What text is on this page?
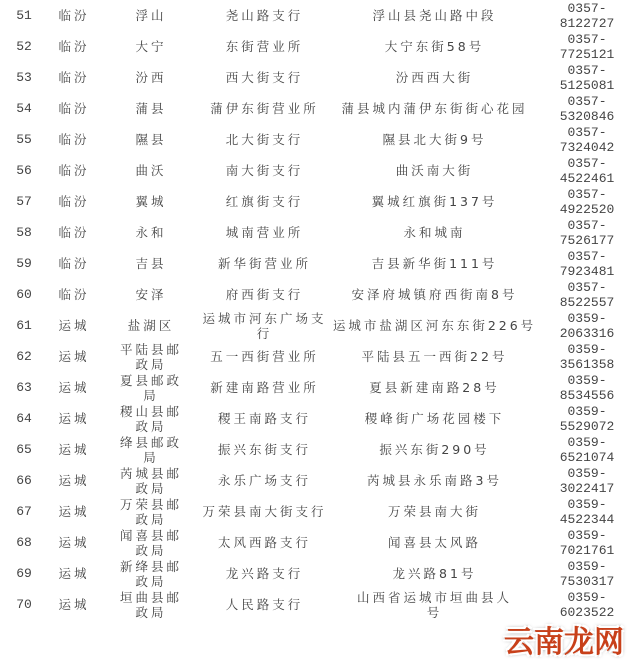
51	临汾	浮山	尧山路支行	浮山县尧山路中段	0357-
8122727
52	临汾	大宁	东街营业所	大宁东街58号	0357-
7725121
53	临汾	汾西	西大街支行	汾西西大街	0357-
5125081
54	临汾	蒲县	蒲伊东街营业所	蒲县城内蒲伊东街街心花园	0357-
5320846
55	临汾	隰县	北大街支行	隰县北大街9号	0357-
7324042
56	临汾	曲沃	南大街支行	曲沃南大街	0357-
4522461
57	临汾	翼城	红旗街支行	翼城红旗街137号	0357-
4922520
58	临汾	永和	城南营业所	永和城南	0357-
7526177
59	临汾	吉县	新华街营业所	吉县新华街111号	0357-
7923481
60	临汾	安泽	府西街支行	安泽府城镇府西街南8号	0357-
8522557
61	运城	盐湖区	运城市河东广场支行	运城市盐湖区河东东街226号	0359-
2063316
62	运城	平陆县邮政局	五一西街营业所	平陆县五一西街22号	0359-
3561358
63	运城	夏县邮政局	新建南路营业所	夏县新建南路28号	0359-
8534556
64	运城	稷山县邮政局	稷王南路支行	稷峰街广场花园楼下	0359-
5529072
65	运城	绛县邮政局	振兴东街支行	振兴东街290号	0359-
6521074
66	运城	芮城县邮政局	永乐广场支行	芮城县永乐南路3号	0359-
3022417
67	运城	万荣县邮政局	万荣县南大街支行	万荣县南大街	0359-
4522344
68	运城	闻喜县邮政局	太风西路支行	闻喜县太风路	0359-
7021761
69	运城	新绛县邮政局	龙兴路支行	龙兴路81号	0359-
7530317
70	运城	垣曲县邮政局	人民路支行	山西省运城市垣曲县人
号	0359-
6023522
云南龙网
